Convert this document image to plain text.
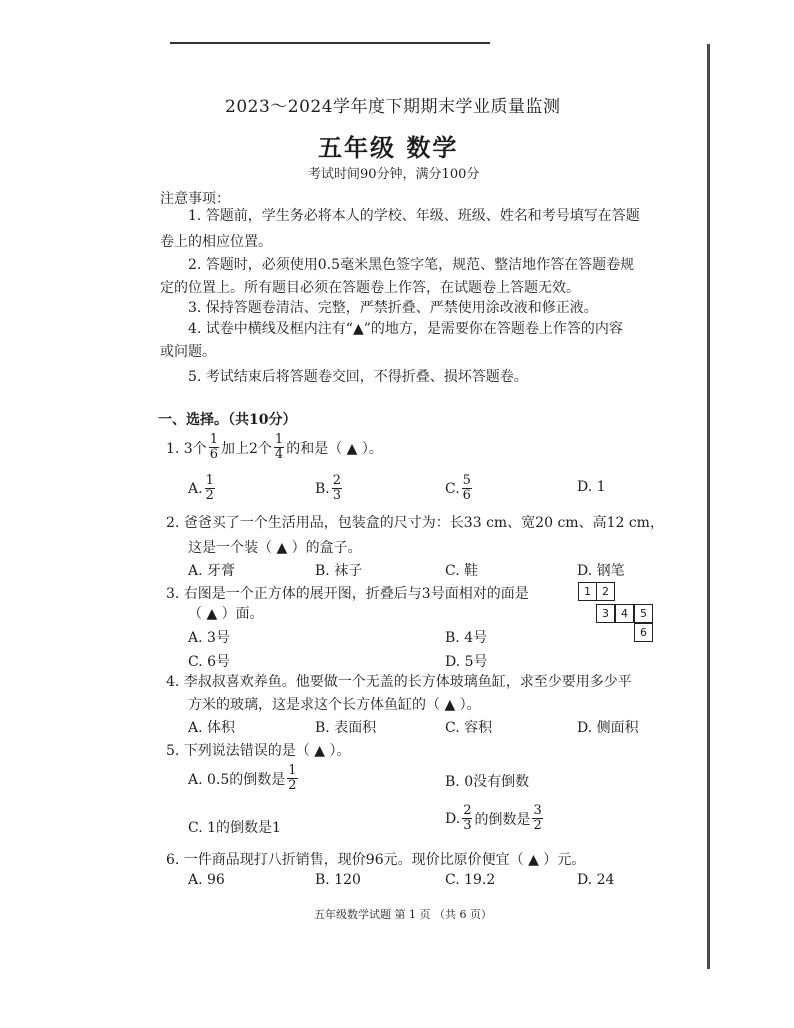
2023～2024学年度下期期末学业质量监测
五年级 数学
考试时间90分钟，满分100分
注意事项：
1. 答题前，学生务必将本人的学校、年级、班级、姓名和考号填写在答题
卷上的相应位置。
2. 答题时，必须使用0.5毫米黑色签字笔，规范、整洁地作答在答题卷规
定的位置上。所有题目必须在答题卷上作答，在试题卷上答题无效。
3. 保持答题卷清洁、完整，严禁折叠、严禁使用涂改液和修正液。
4. 试卷中横线及框内注有“▲”的地方，是需要你在答题卷上作答的内容
或问题。
5. 考试结束后将答题卷交回，不得折叠、损坏答题卷。
一、选择。（共10分）
1. 3个 $\frac{1}{6}$ 加上2个 $\frac{1}{4}$ 的和是（ ▲ ）。
A. $\frac{1}{2}$	B. $\frac{2}{3}$	C. $\frac{5}{6}$	D. 1
2. 爸爸买了一个生活用品，包装盒的尺寸为：长33 cm、宽20 cm、高12 cm，
这是一个装（ ▲ ）的盒子。
A. 牙膏	B. 袜子	C. 鞋	D. 钢笔
3. 右图是一个正方体的展开图，折叠后与3号面相对的面是
（ ▲ ）面。
A. 3号	B. 4号
C. 6号	D. 5号
1	2
3	4	5
6
4. 李叔叔喜欢养鱼。他要做一个无盖的长方体玻璃鱼缸，求至少要用多少平
方米的玻璃，这是求这个长方体鱼缸的（ ▲ ）。
A. 体积	B. 表面积	C. 容积	D. 侧面积
5. 下列说法错误的是（ ▲ ）。
A. 0.5的倒数是 $\frac{1}{2}$	B. 0没有倒数
C. 1的倒数是1
D. $\frac{2}{3}$ 的倒数是 $\frac{3}{2}$
6. 一件商品现打八折销售，现价96元。现价比原价便宜（ ▲ ）元。
A. 96	B. 120	C. 19.2	D. 24
五年级数学试题 第 1 页 （共 6 页）
